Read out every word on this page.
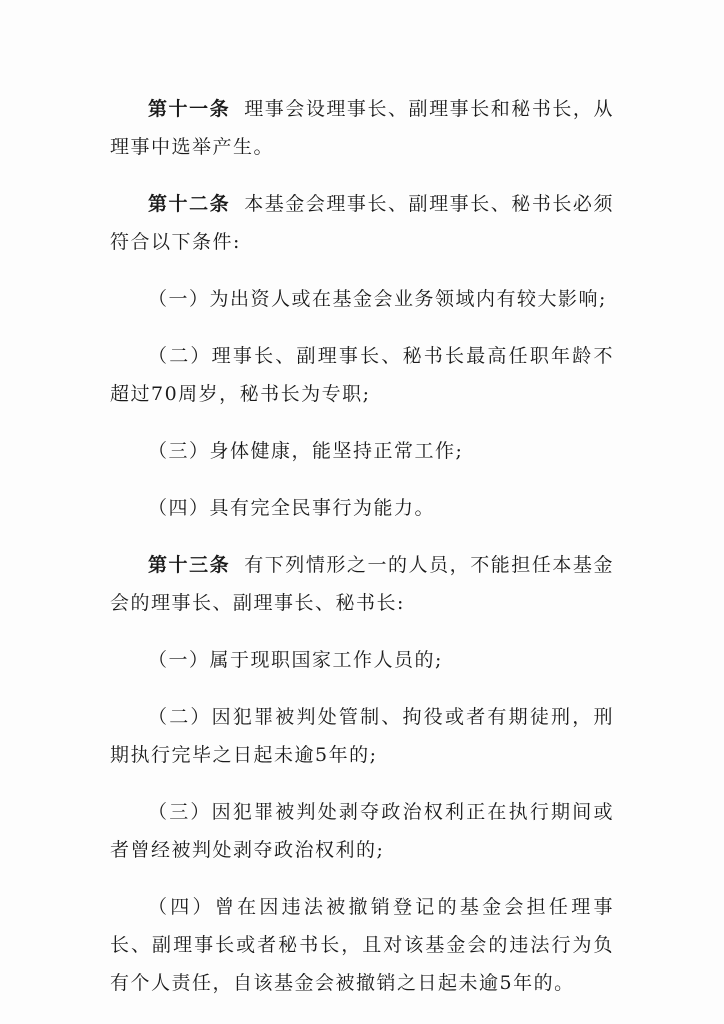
第十一条 理事会设理事长、副理事长和秘书长，从理事中选举产生。

第十二条 本基金会理事长、副理事长、秘书长必须符合以下条件:

（一）为出资人或在基金会业务领域内有较大影响;

（二）理事长、副理事长、秘书长最高任职年龄不超过70周岁，秘书长为专职;

（三）身体健康，能坚持正常工作;

（四）具有完全民事行为能力。

第十三条 有下列情形之一的人员，不能担任本基金会的理事长、副理事长、秘书长:

（一）属于现职国家工作人员的;

（二）因犯罪被判处管制、拘役或者有期徒刑，刑期执行完毕之日起未逾5年的;

（三）因犯罪被判处剥夺政治权利正在执行期间或者曾经被判处剥夺政治权利的;

（四）曾在因违法被撤销登记的基金会担任理事长、副理事长或者秘书长，且对该基金会的违法行为负有个人责任，自该基金会被撤销之日起未逾5年的。
